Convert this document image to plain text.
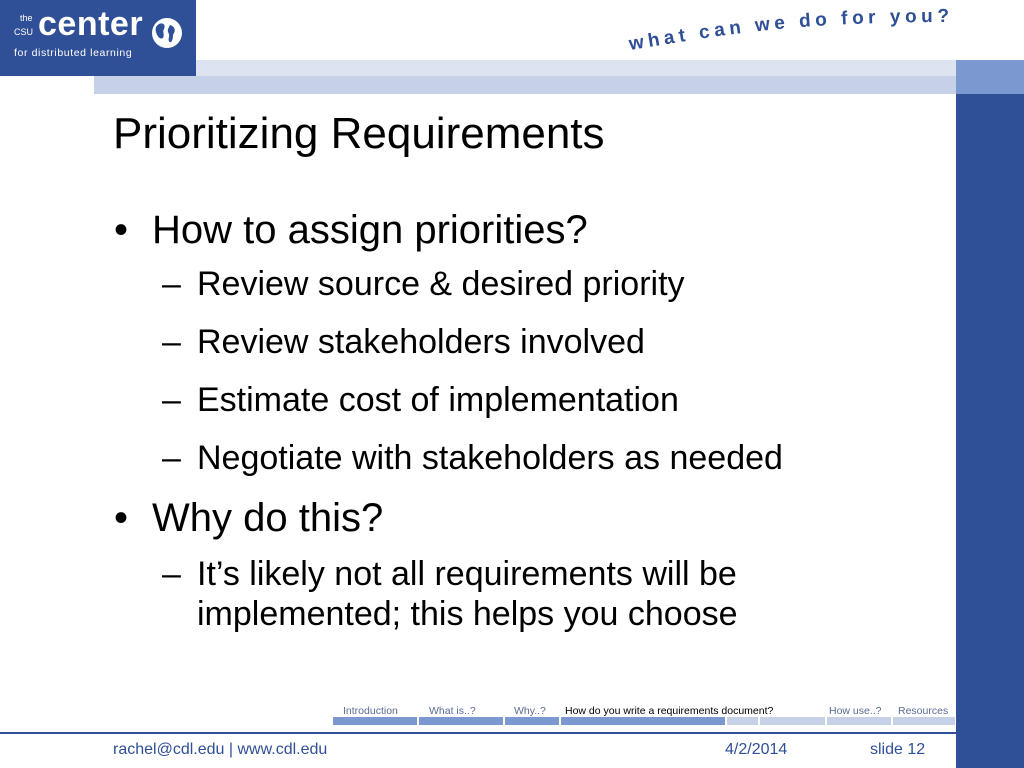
the
CSU center
for distributed learning	what can we do for you?
Prioritizing Requirements
• How to assign priorities?
– Review source & desired priority
– Review stakeholders involved
– Estimate cost of implementation
– Negotiate with stakeholders as needed
• Why do this?
– It’s likely not all requirements will be implemented; this helps you choose
Introduction	What is..?	Why..? How do you write a requirements document?	How use..? Resources
rachel@cdl.edu | www.cdl.edu	4/2/2014	slide 12
